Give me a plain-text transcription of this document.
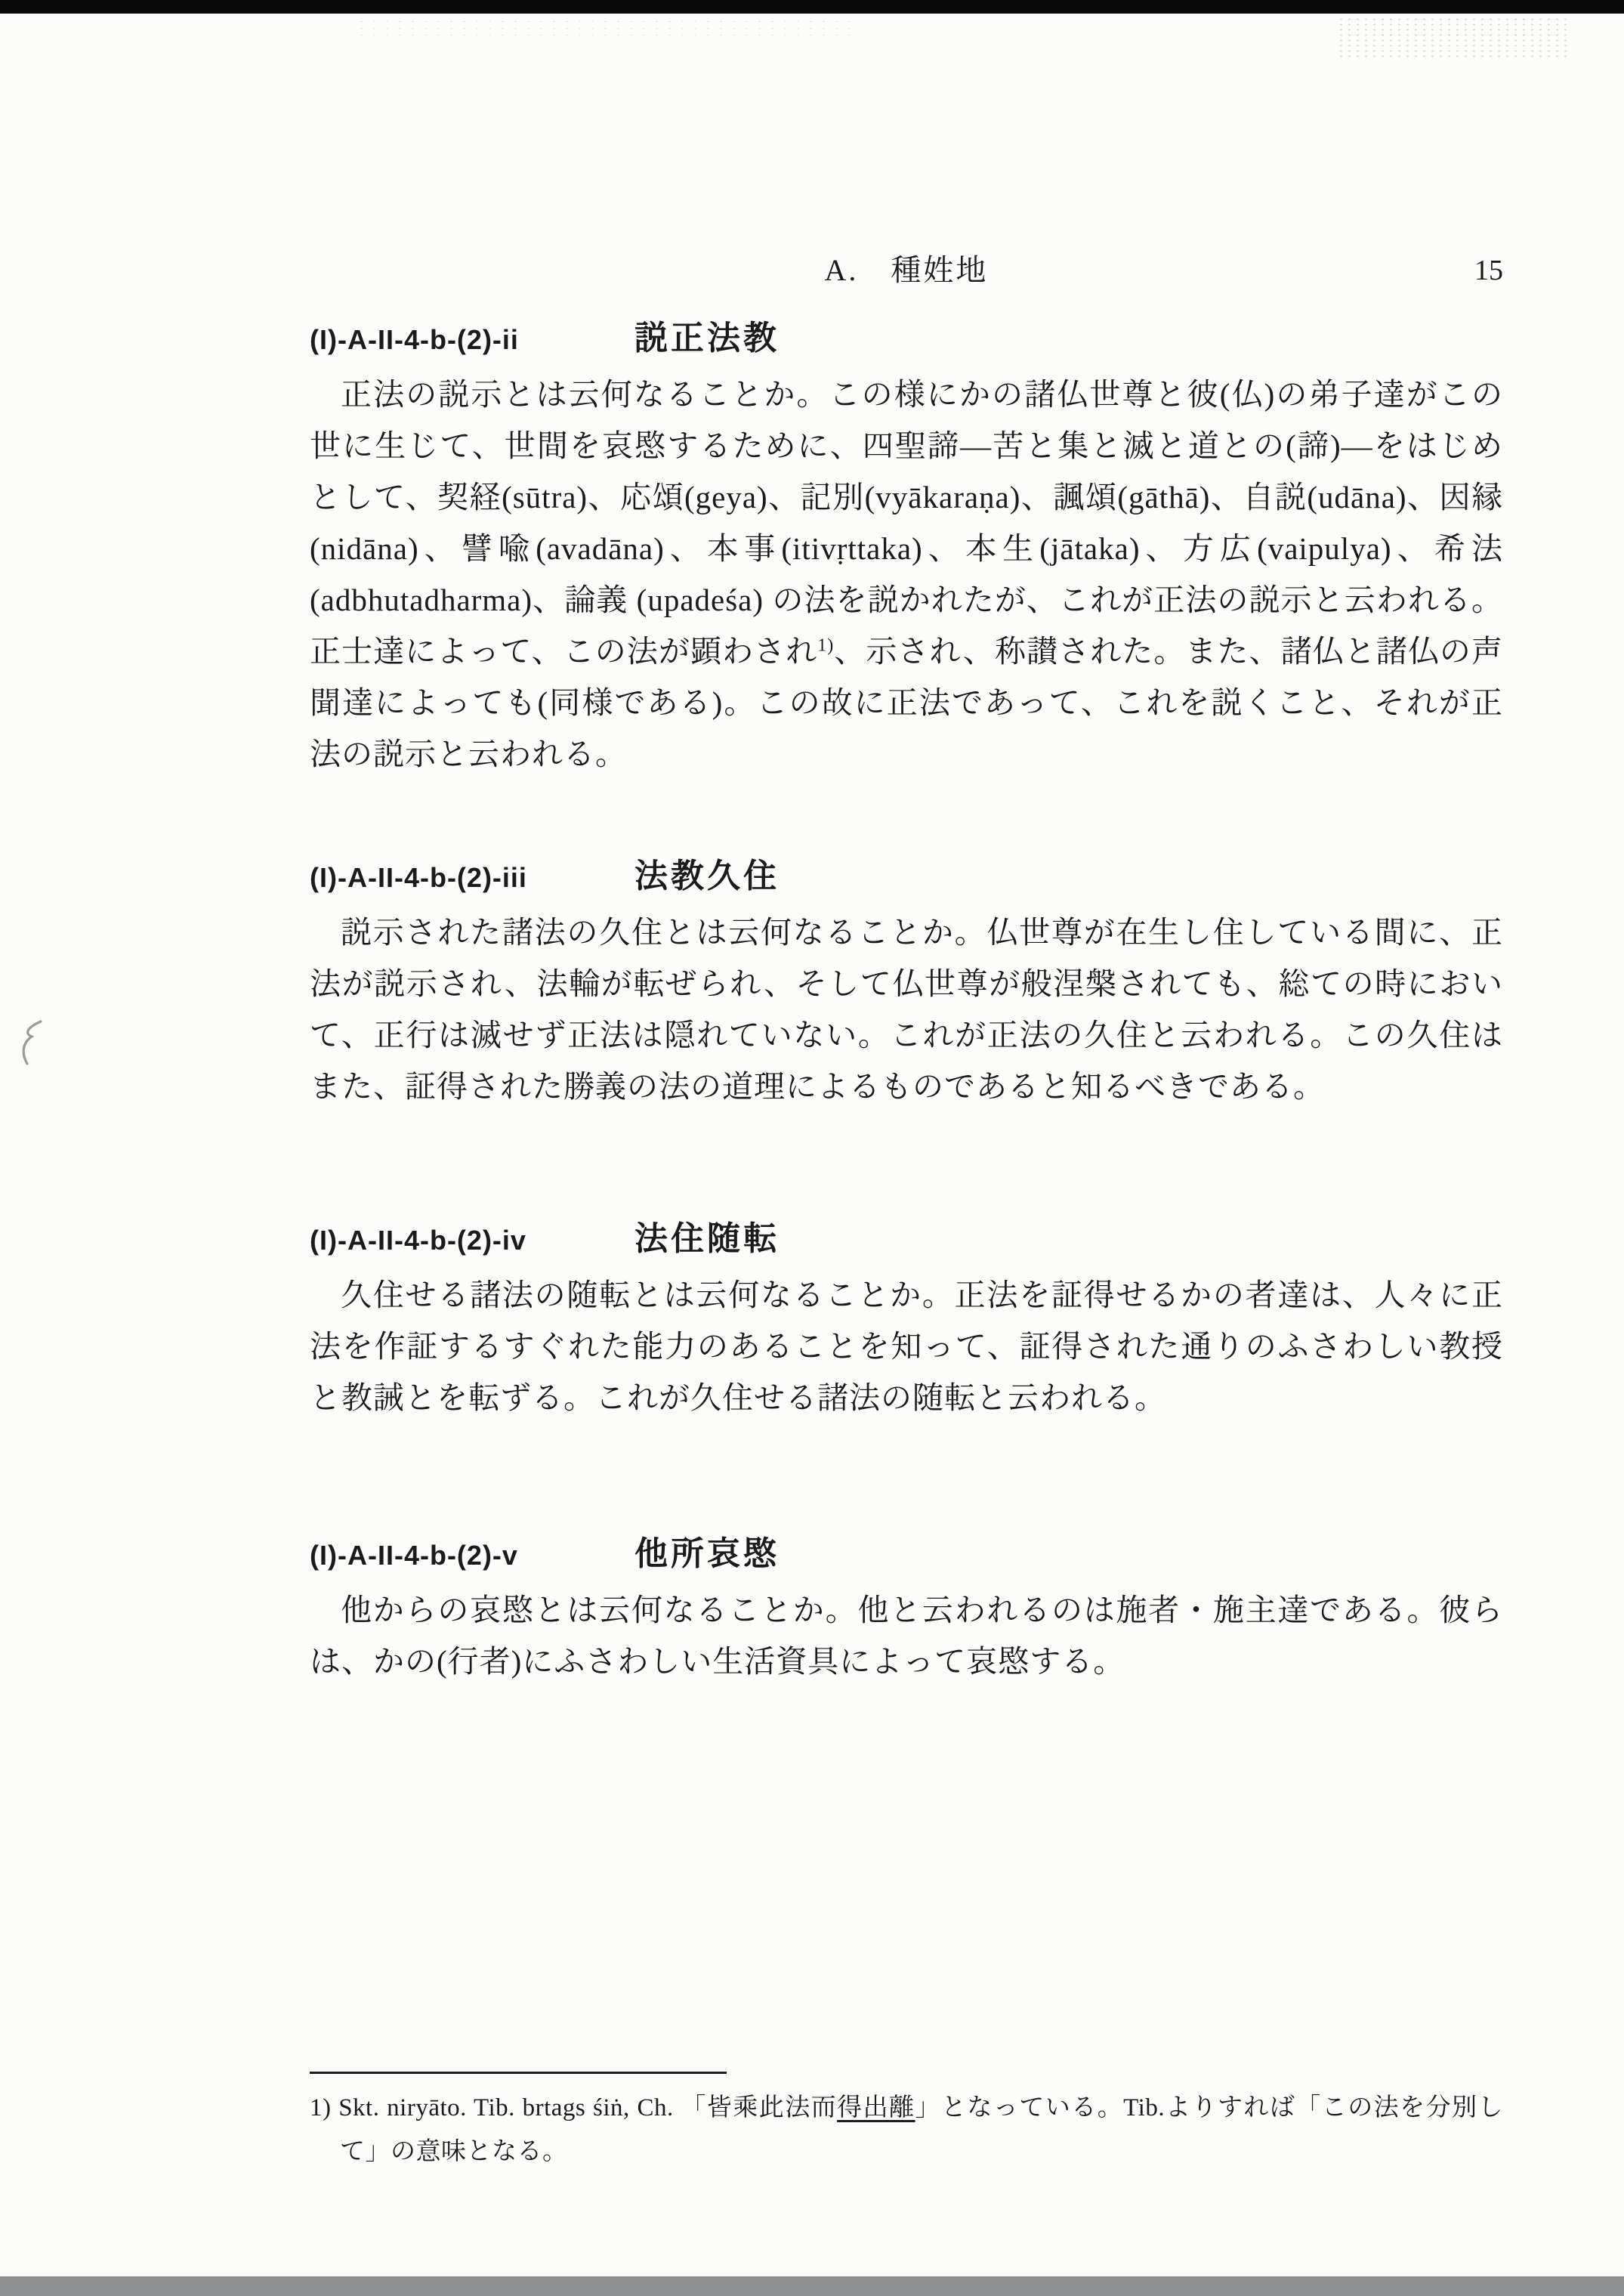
A.　種姓地	15
(I)-A-II-4-b-(2)-ii	説正法教

正法の説示とは云何なることか。この様にかの諸仏世尊と彼(仏)の弟子達がこの世に生じて、世間を哀愍するために、四聖諦―苦と集と滅と道との(諦)―をはじめとして、契経(sūtra)、応頌(geya)、記別(vyākaraṇa)、諷頌(gāthā)、自説(udāna)、因縁(nidāna)、譬喩(avadāna)、本事(itivṛttaka)、本生(jātaka)、方広(vaipulya)、希法(adbhutadharma)、論義 (upadeśa) の法を説かれたが、これが正法の説示と云われる。正士達によって、この法が顕わされ$^{1)}$、示され、称讃された。また、諸仏と諸仏の声聞達によっても(同様である)。この故に正法であって、これを説くこと、それが正法の説示と云われる。

(I)-A-II-4-b-(2)-iii	法教久住

説示された諸法の久住とは云何なることか。仏世尊が在生し住している間に、正法が説示され、法輪が転ぜられ、そして仏世尊が般涅槃されても、総ての時において、正行は滅せず正法は隠れていない。これが正法の久住と云われる。この久住はまた、証得された勝義の法の道理によるものであると知るべきである。

(I)-A-II-4-b-(2)-iv	法住随転

久住せる諸法の随転とは云何なることか。正法を証得せるかの者達は、人々に正法を作証するすぐれた能力のあることを知って、証得された通りのふさわしい教授と教誡とを転ずる。これが久住せる諸法の随転と云われる。

(I)-A-II-4-b-(2)-v	他所哀愍

他からの哀愍とは云何なることか。他と云われるのは施者・施主達である。彼らは、かの(行者)にふさわしい生活資具によって哀愍する。

1) Skt. niryāto. Tib. brtags śiṅ, Ch. 「皆乘此法而得出離」となっている。Tib.よりすれば「この法を分別して」の意味となる。
